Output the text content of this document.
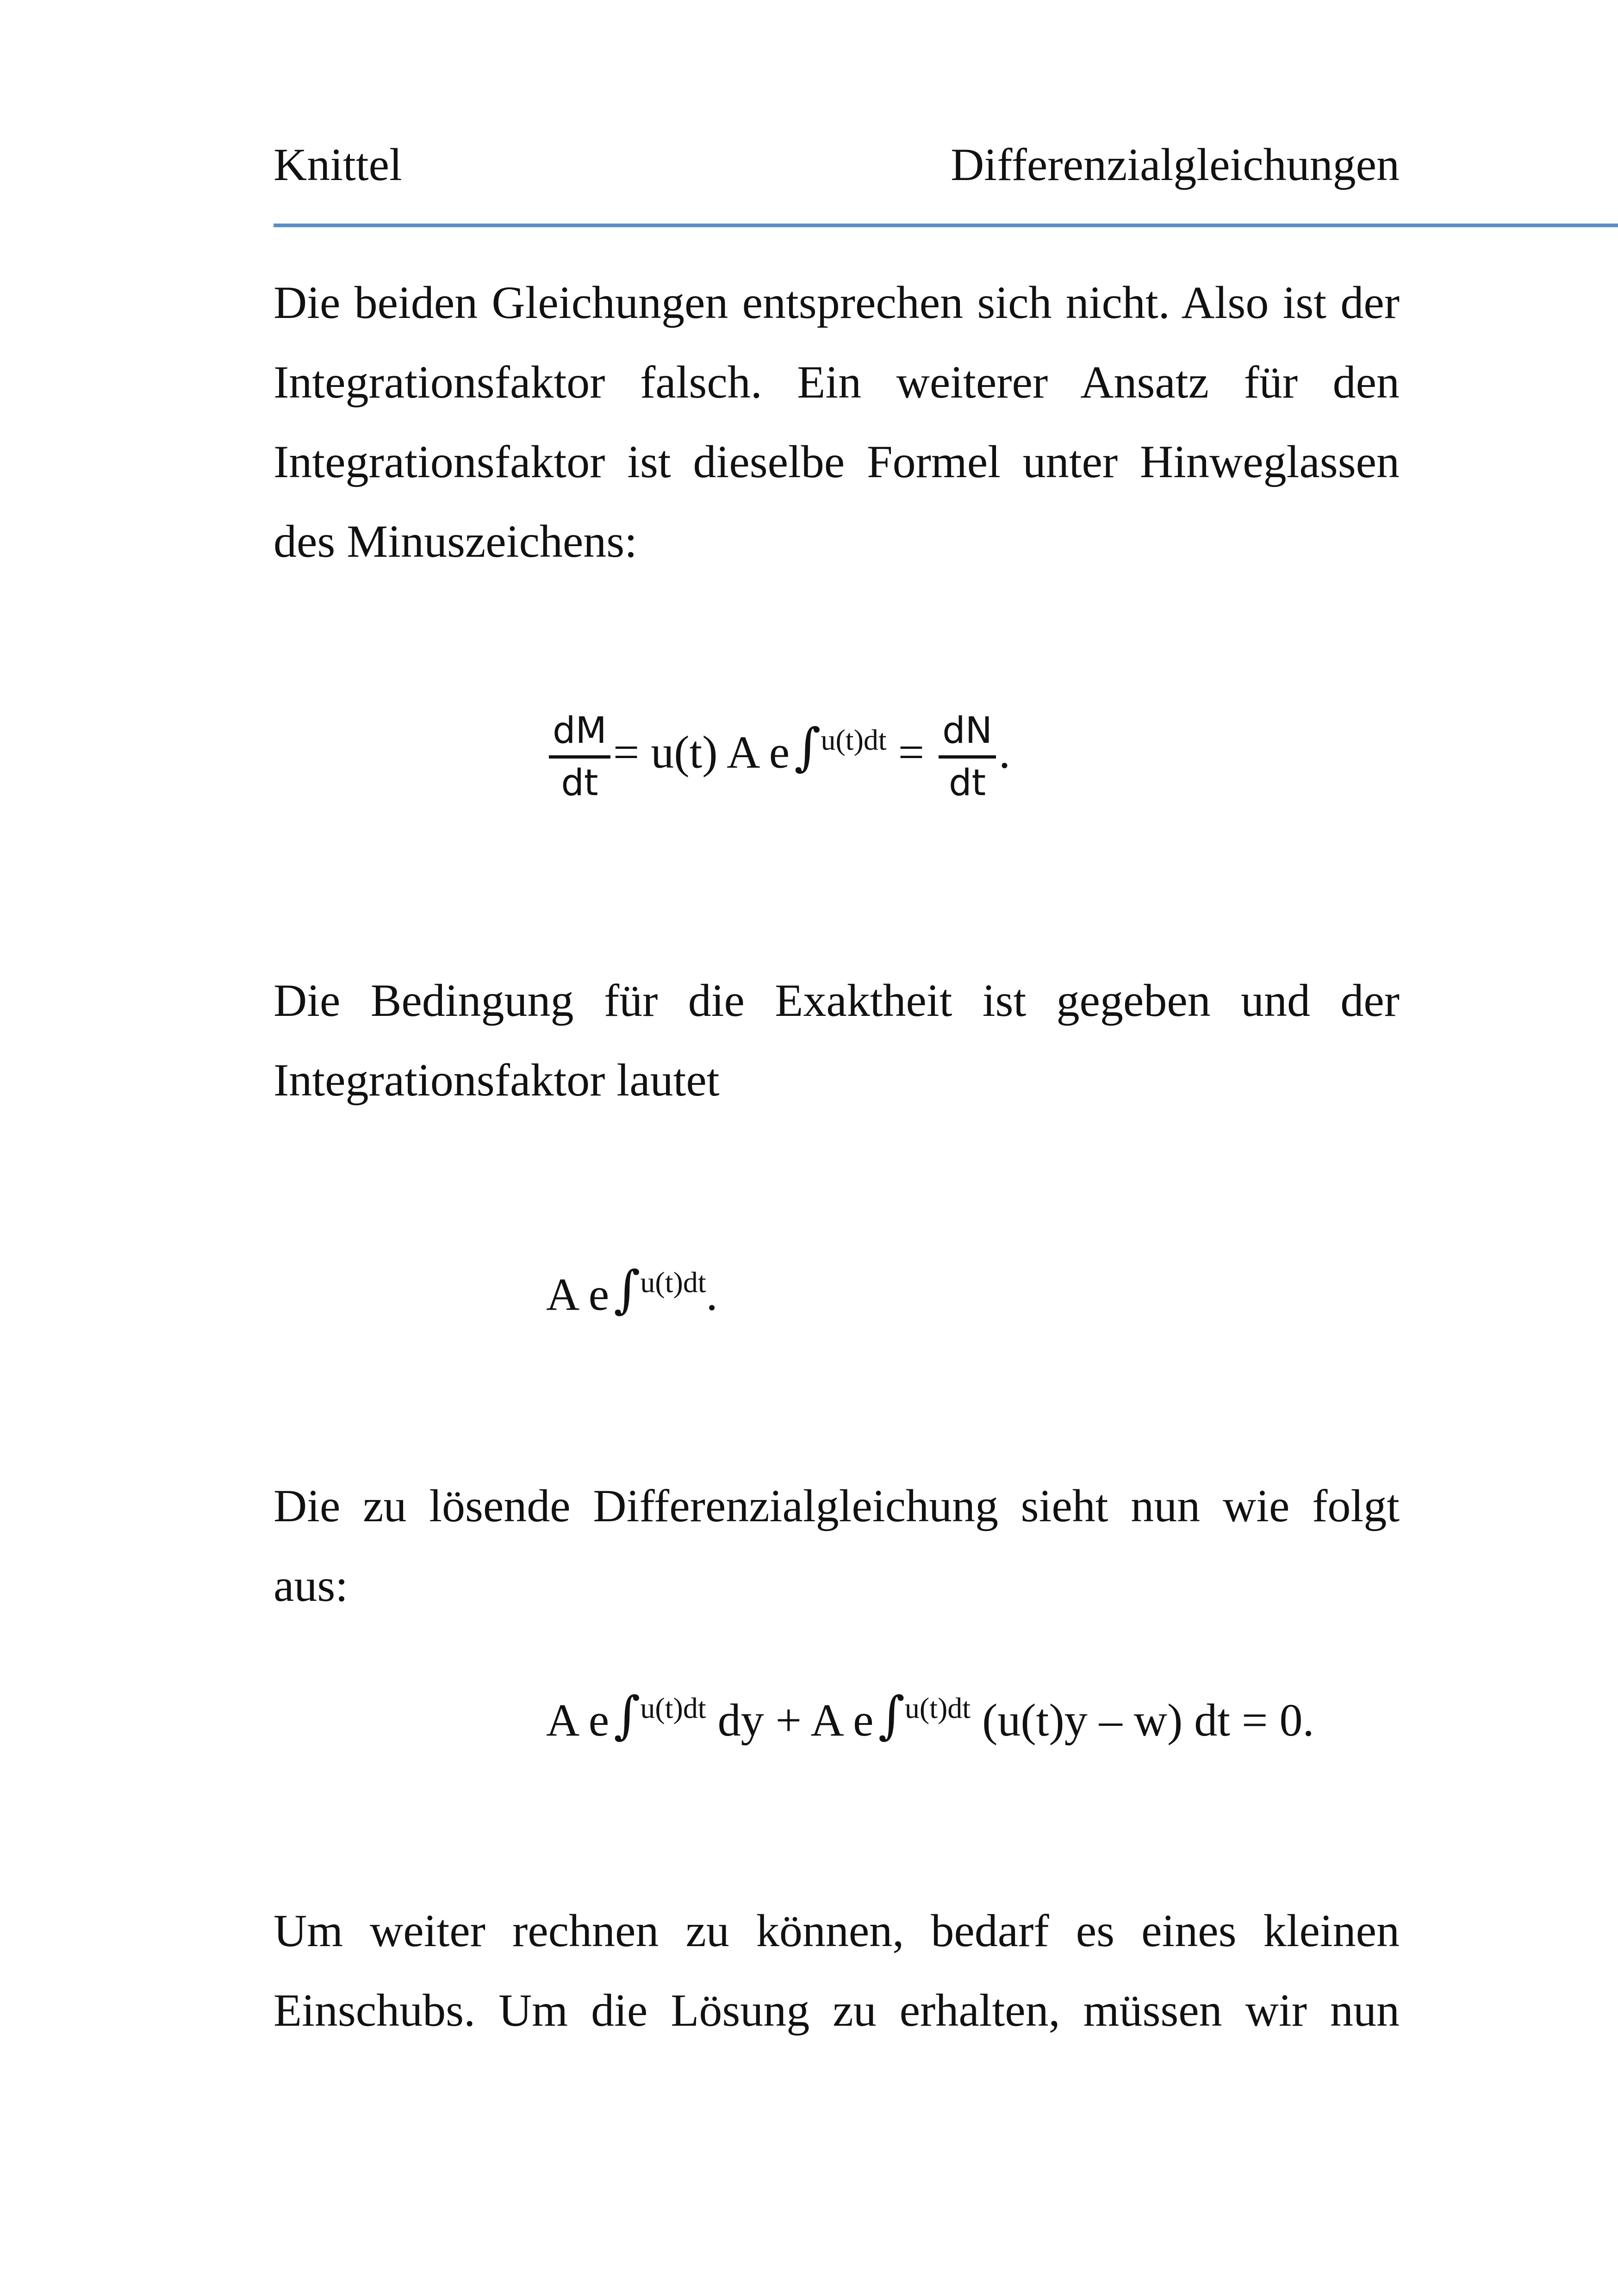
Knittel	Differenzialgleichungen

Die beiden Gleichungen entsprechen sich nicht. Also ist der Integrationsfaktor falsch. Ein weiterer Ansatz für den Integrationsfaktor ist dieselbe Formel unter Hinweglassen des Minuszeichens:

$\frac{dM}{dt} = u(t)$ A $e\int^{u(t)dt} = \frac{dN}{dt}$ .

Die Bedingung für die Exaktheit ist gegeben und der Integrationsfaktor lautet

A e∫$^{u(t)dt}$.

Die zu lösende Differenzialgleichung sieht nun wie folgt aus:

A e∫$^{u(t)dt}$ dy + A e∫$^{u(t)dt}$ (u(t)y – w) dt = 0.

Um weiter rechnen zu können, bedarf es eines kleinen Einschubs. Um die Lösung zu erhalten, müssen wir nun
